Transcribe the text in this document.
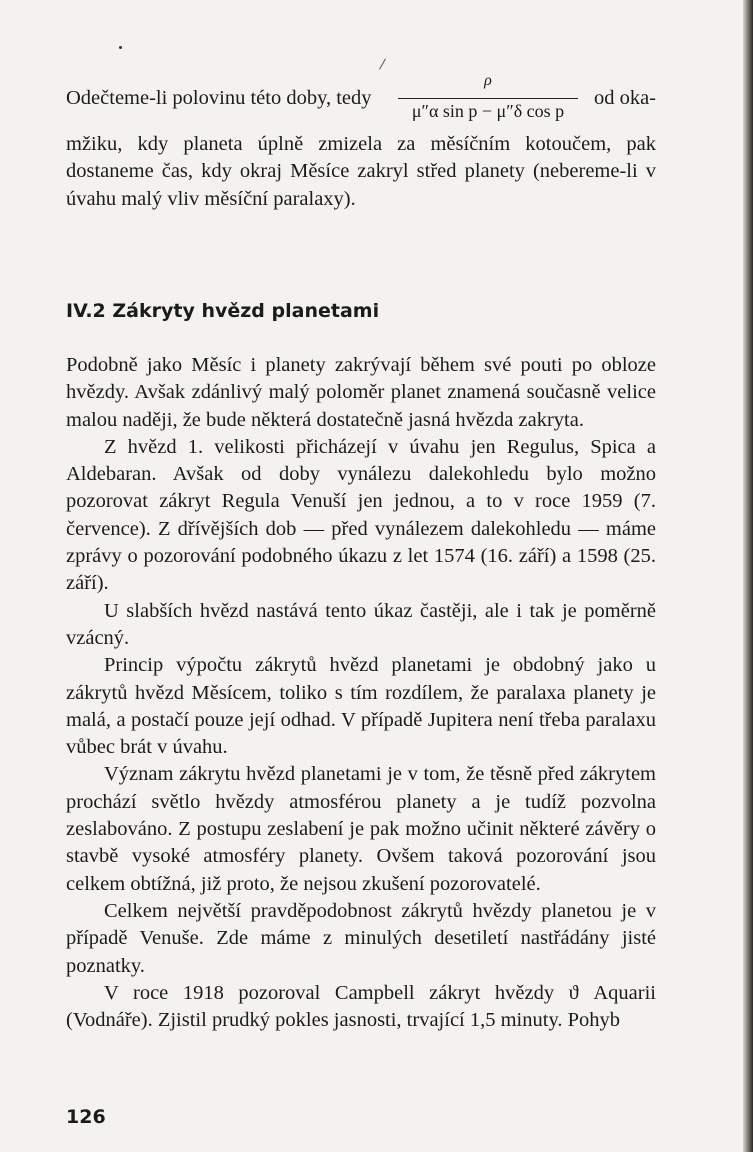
Odečteme-li polovinu této doby, tedy
ρ
μ″α sin p − μ″δ cos p
od oka-

mžiku, kdy planeta úplně zmizela za měsíčním kotoučem, pak dostaneme čas, kdy okraj Měsíce zakryl střed planety (nebereme-li v úvahu malý vliv měsíční paralaxy).

IV.2 Zákryty hvězd planetami

Podobně jako Měsíc i planety zakrývají během své pouti po obloze hvězdy. Avšak zdánlivý malý poloměr planet znamená současně velice malou naději, že bude některá dostatečně jasná hvězda zakryta.

Z hvězd 1. velikosti přicházejí v úvahu jen Regulus, Spica a Aldebaran. Avšak od doby vynálezu dalekohledu bylo možno pozorovat zákryt Regula Venuší jen jednou, a to v roce 1959 (7. července). Z dřívějších dob — před vynálezem dalekohledu — máme zprávy o pozorování podobného úkazu z let 1574 (16. září) a 1598 (25. září).

U slabších hvězd nastává tento úkaz častěji, ale i tak je poměrně vzácný.

Princip výpočtu zákrytů hvězd planetami je obdobný jako u zákrytů hvězd Měsícem, toliko s tím rozdílem, že paralaxa planety je malá, a postačí pouze její odhad. V případě Jupitera není třeba paralaxu vůbec brát v úvahu.

Význam zákrytu hvězd planetami je v tom, že těsně před zákrytem prochází světlo hvězdy atmosférou planety a je tudíž pozvolna zeslabováno. Z postupu zeslabení je pak možno učinit některé závěry o stavbě vysoké atmosféry planety. Ovšem taková pozorování jsou celkem obtížná, již proto, že nejsou zkušení pozorovatelé.

Celkem největší pravděpodobnost zákrytů hvězdy planetou je v případě Venuše. Zde máme z minulých desetiletí nastřádány jisté poznatky.

V roce 1918 pozoroval Campbell zákryt hvězdy ϑ Aquarii (Vodnáře). Zjistil prudký pokles jasnosti, trvající 1,5 minuty. Pohyb

126
